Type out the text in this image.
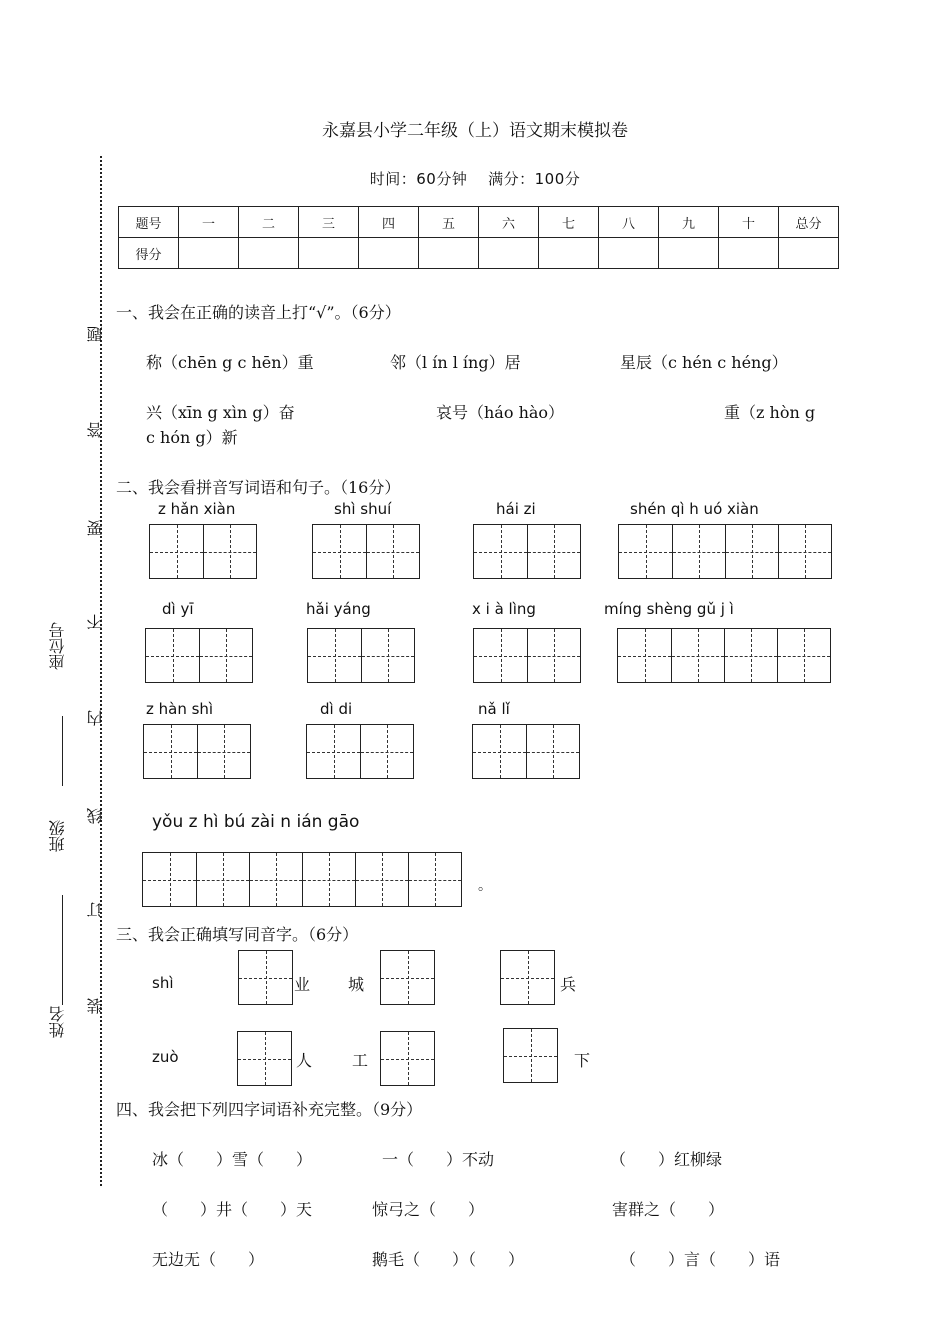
永嘉县小学二年级（上）语文期末模拟卷
时间：60分钟　 满分：100分
题号	一	二	三	四	五	六	七	八	九	十	总分
得分											
题
答
要
不
内
线
订
装
座位号
班级
姓名
一、我会在正确的读音上打“√”。（6分）
称（chēn g c hēn）重	邻（l ín l íng）居	星辰（c hén c héng）
兴（xīn g xìn g）奋	哀号（háo hào）	重（z hòn g
c hón g）新
二、我会看拼音写词语和句子。（16分）
z hǎn xiàn	shì shuí	hái zi	shén qì h uó xiàn
dì yī	hǎi yáng	x i à lìng	míng shèng gǔ j ì
z hàn shì	dì di	nǎ lǐ
yǒu z hì bú zài n ián gāo
。
三、我会正确填写同音字。（6分）
shì	业 城	兵
zuò	人 工	下
四、我会把下列四字词语补充完整。（9分）
冰（　　）雪（　　）	一（　　）不动	（　　）红柳绿
（　　）井（　　）天	惊弓之（　　）	害群之（　　）
无边无（　　）	鹅毛（　　）（　　）	（　　）言（　　）语
